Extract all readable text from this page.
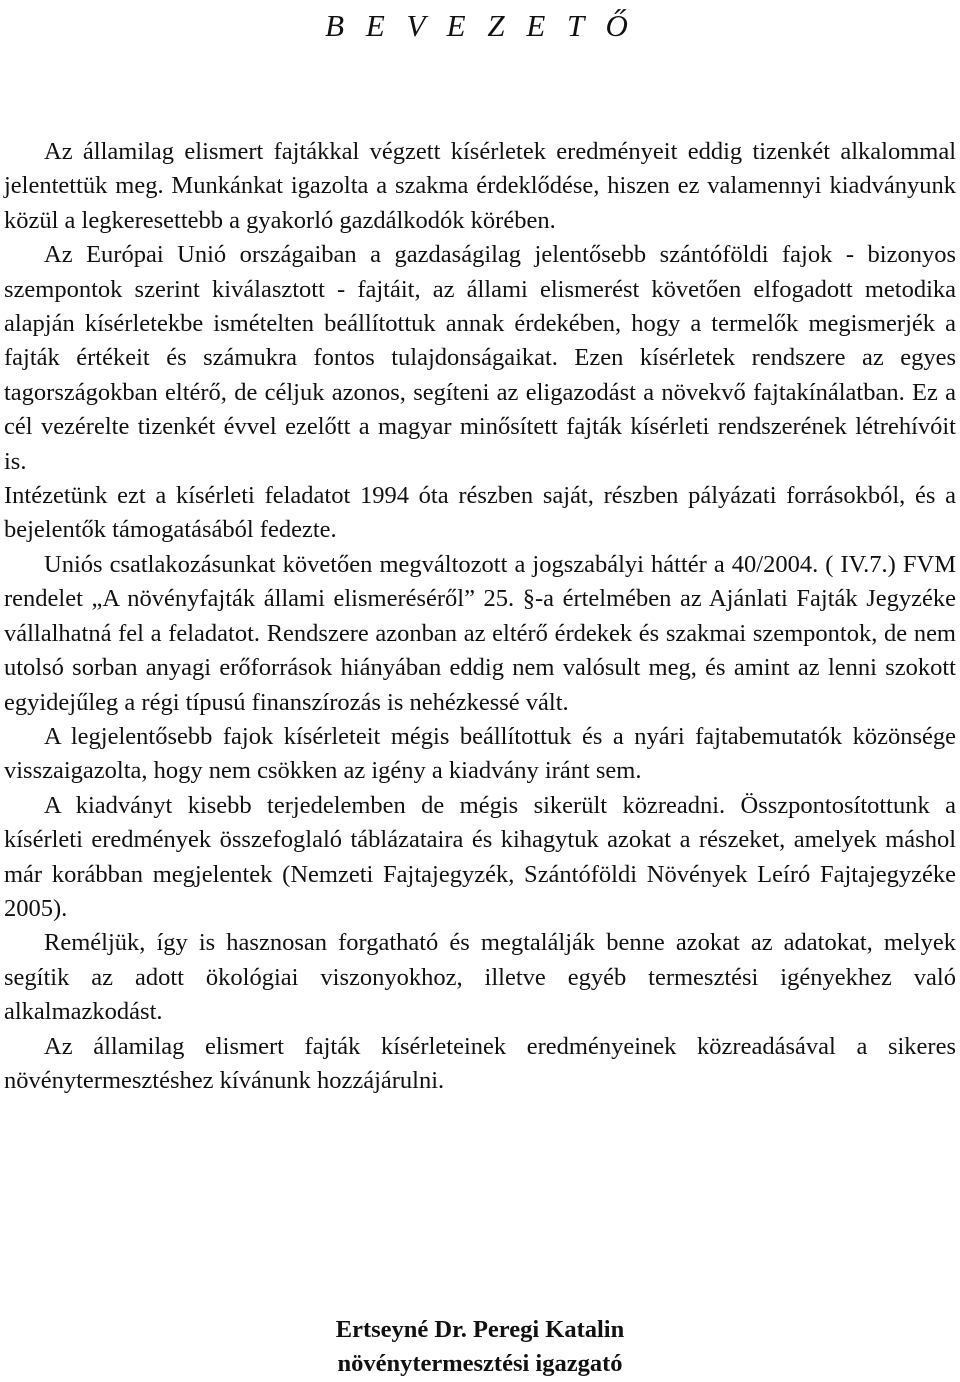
B E V E Z E T Ő

Az államilag elismert fajtákkal végzett kísérletek eredményeit eddig tizenkét alkalommal jelentettük meg. Munkánkat igazolta a szakma érdeklődése, hiszen ez valamennyi kiadványunk közül a legkeresettebb a gyakorló gazdálkodók körében.

Az Európai Unió országaiban a gazdaságilag jelentősebb szántóföldi fajok - bizonyos szempontok szerint kiválasztott - fajtáit, az állami elismerést követően elfogadott metodika alapján kísérletekbe ismételten beállítottuk annak érdekében, hogy a termelők megismerjék a fajták értékeit és számukra fontos tulajdonságaikat. Ezen kísérletek rendszere az egyes tagországokban eltérő, de céljuk azonos, segíteni az eligazodást a növekvő fajtakínálatban. Ez a cél vezérelte tizenkét évvel ezelőtt a magyar minősített fajták kísérleti rendszerének létrehívóit is.

Intézetünk ezt a kísérleti feladatot 1994 óta részben saját, részben pályázati forrásokból, és a bejelentők támogatásából fedezte.

Uniós csatlakozásunkat követően megváltozott a jogszabályi háttér a 40/2004. ( IV.7.) FVM rendelet „A növényfajták állami elismeréséről” 25. §-a értelmében az Ajánlati Fajták Jegyzéke vállalhatná fel a feladatot. Rendszere azonban az eltérő érdekek és szakmai szempontok, de nem utolsó sorban anyagi erőforrások hiányában eddig nem valósult meg, és amint az lenni szokott egyidejűleg a régi típusú finanszírozás is nehézkessé vált.

A legjelentősebb fajok kísérleteit mégis beállítottuk és a nyári fajtabemutatók közönsége visszaigazolta, hogy nem csökken az igény a kiadvány iránt sem.

A kiadványt kisebb terjedelemben de mégis sikerült közreadni. Összpontosítottunk a kísérleti eredmények összefoglaló táblázataira és kihagytuk azokat a részeket, amelyek máshol már korábban megjelentek (Nemzeti Fajtajegyzék, Szántóföldi Növények Leíró Fajtajegyzéke 2005).

Reméljük, így is hasznosan forgatható és megtalálják benne azokat az adatokat, melyek segítik az adott ökológiai viszonyokhoz, illetve egyéb termesztési igényekhez való alkalmazkodást.

Az államilag elismert fajták kísérleteinek eredményeinek közreadásával a sikeres növénytermesztéshez kívánunk hozzájárulni.

Ertseyné Dr. Peregi Katalin
növénytermesztési igazgató
